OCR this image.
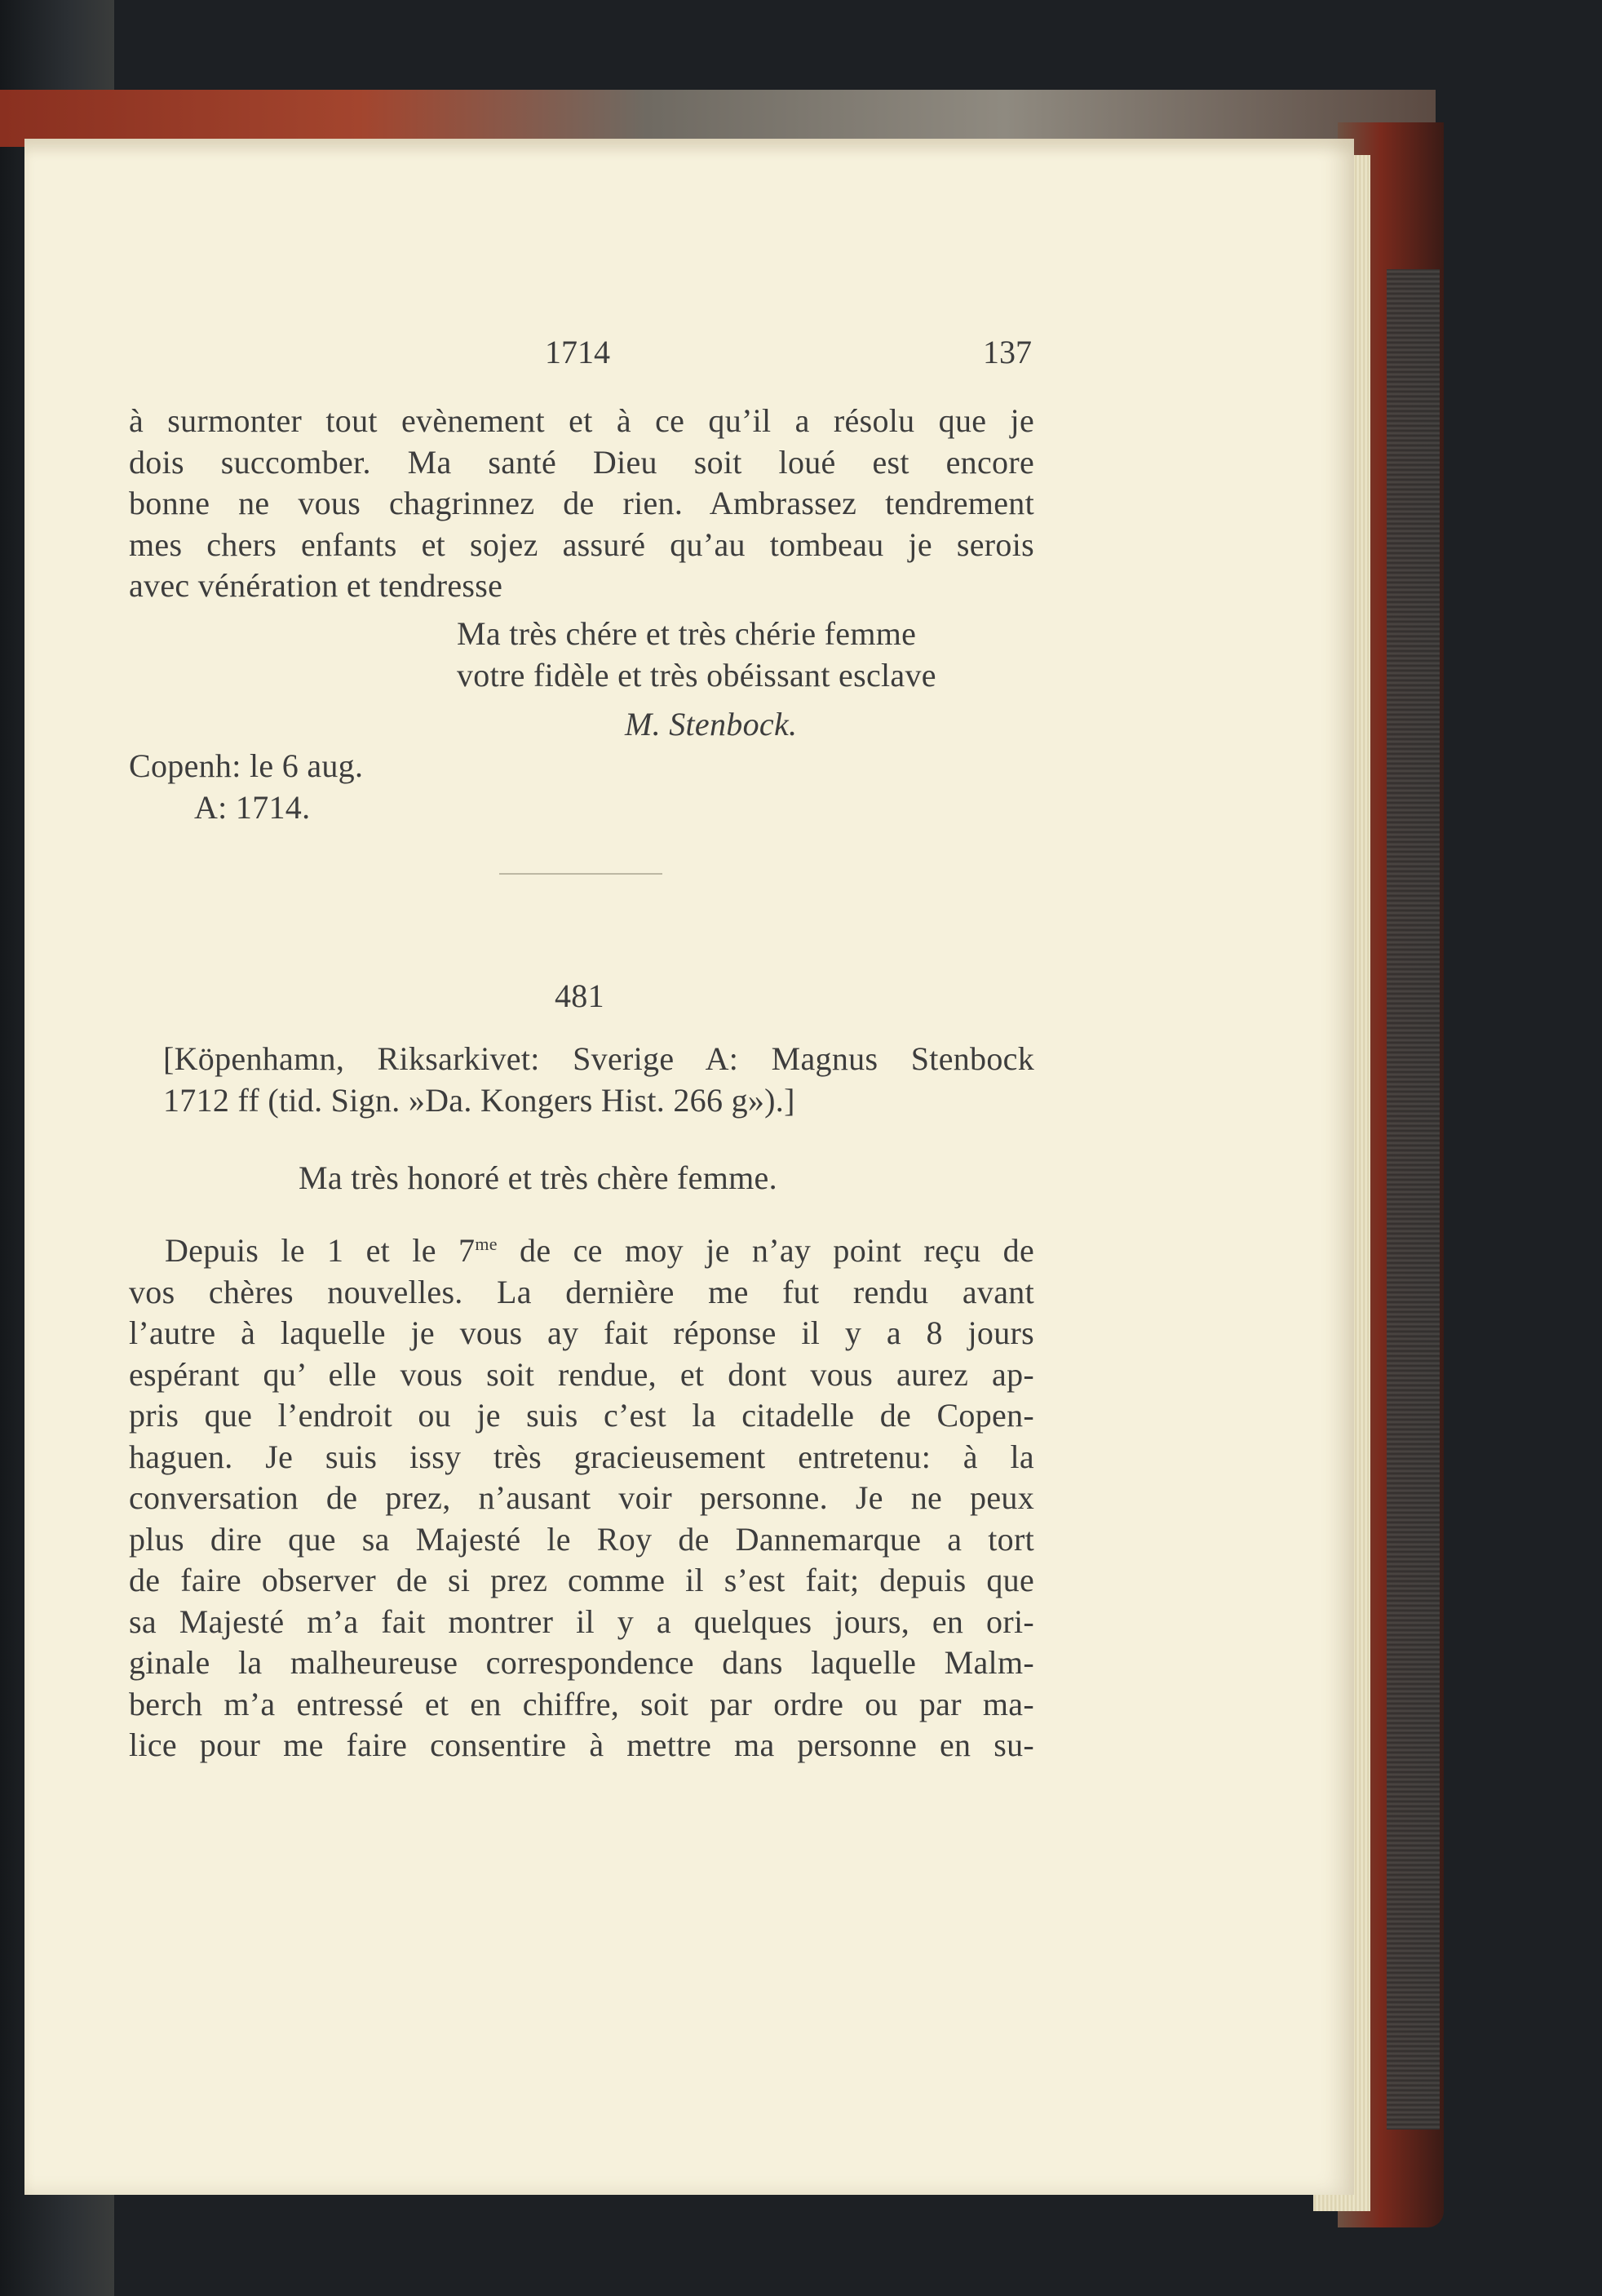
1714	137
à surmonter tout evènement et à ce qu’il a résolu que je
dois succomber. Ma santé Dieu soit loué est encore
bonne ne vous chagrinnez de rien. Ambrassez tendrement
mes chers enfants et sojez assuré qu’au tombeau je serois
avec vénération et tendresse
Ma très chére et très chérie femme
votre fidèle et très obéissant esclave
M. Stenbock.
Copenh: le 6 aug.
A: 1714.
481
[Köpenhamn, Riksarkivet: Sverige A: Magnus Stenbock
1712 ff (tid. Sign. »Da. Kongers Hist. 266 g»).]
Ma très honoré et très chère femme.
Depuis le 1 et le $7^{me}$ de ce moy je n’ay point reçu de
vos chères nouvelles. La dernière me fut rendu avant
l’autre à laquelle je vous ay fait réponse il y a 8 jours
espérant qu’ elle vous soit rendue, et dont vous aurez ap-
pris que l’endroit ou je suis c’est la citadelle de Copen-
haguen. Je suis issy très gracieusement entretenu: à la
conversation de prez, n’ausant voir personne. Je ne peux
plus dire que sa Majesté le Roy de Dannemarque a tort
de faire observer de si prez comme il s’est fait; depuis que
sa Majesté m’a fait montrer il y a quelques jours, en ori-
ginale la malheureuse correspondence dans laquelle Malm-
berch m’a entressé et en chiffre, soit par ordre ou par ma-
lice pour me faire consentire à mettre ma personne en su-
